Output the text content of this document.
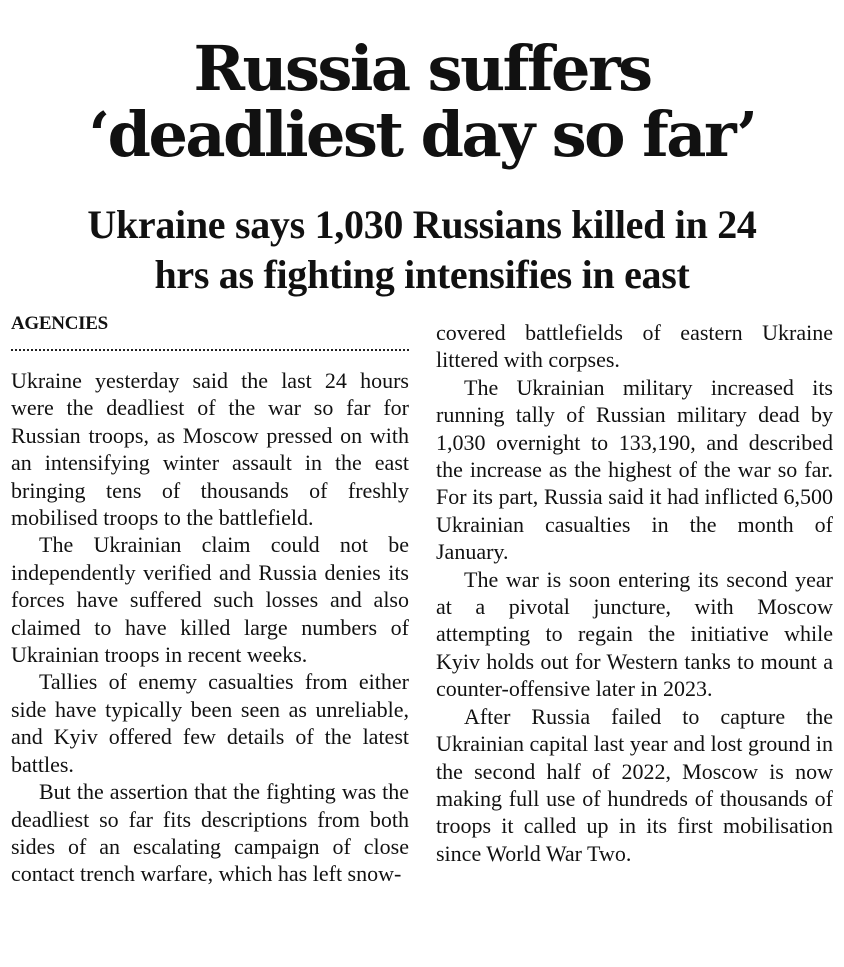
Russia suffers
‘deadliest day so far’
Ukraine says 1,030 Russians killed in 24
hrs as fighting intensifies in east
AGENCIES

Ukraine yesterday said the last 24 hours were the deadliest of the war so far for Russian troops, as Moscow pressed on with an intensifying winter assault in the east bringing tens of thousands of freshly mobilised troops to the battlefield.

The Ukrainian claim could not be independently verified and Russia denies its forces have suffered such losses and also claimed to have killed large numbers of Ukrainian troops in recent weeks.

Tallies of enemy casualties from either side have typically been seen as unreliable, and Kyiv offered few details of the latest battles.

But the assertion that the fighting was the deadliest so far fits descriptions from both sides of an escalating campaign of close contact trench warfare, which has left snow-

covered battlefields of eastern Ukraine littered with corpses.

The Ukrainian military increased its running tally of Russian military dead by 1,030 overnight to 133,190, and described the increase as the highest of the war so far. For its part, Russia said it had inflicted 6,500 Ukrainian casualties in the month of January.

The war is soon entering its second year at a pivotal juncture, with Moscow attempting to regain the initiative while Kyiv holds out for Western tanks to mount a counter-offensive later in 2023.

After Russia failed to capture the Ukrainian capital last year and lost ground in the second half of 2022, Moscow is now making full use of hundreds of thousands of troops it called up in its first mobilisation since World War Two.
